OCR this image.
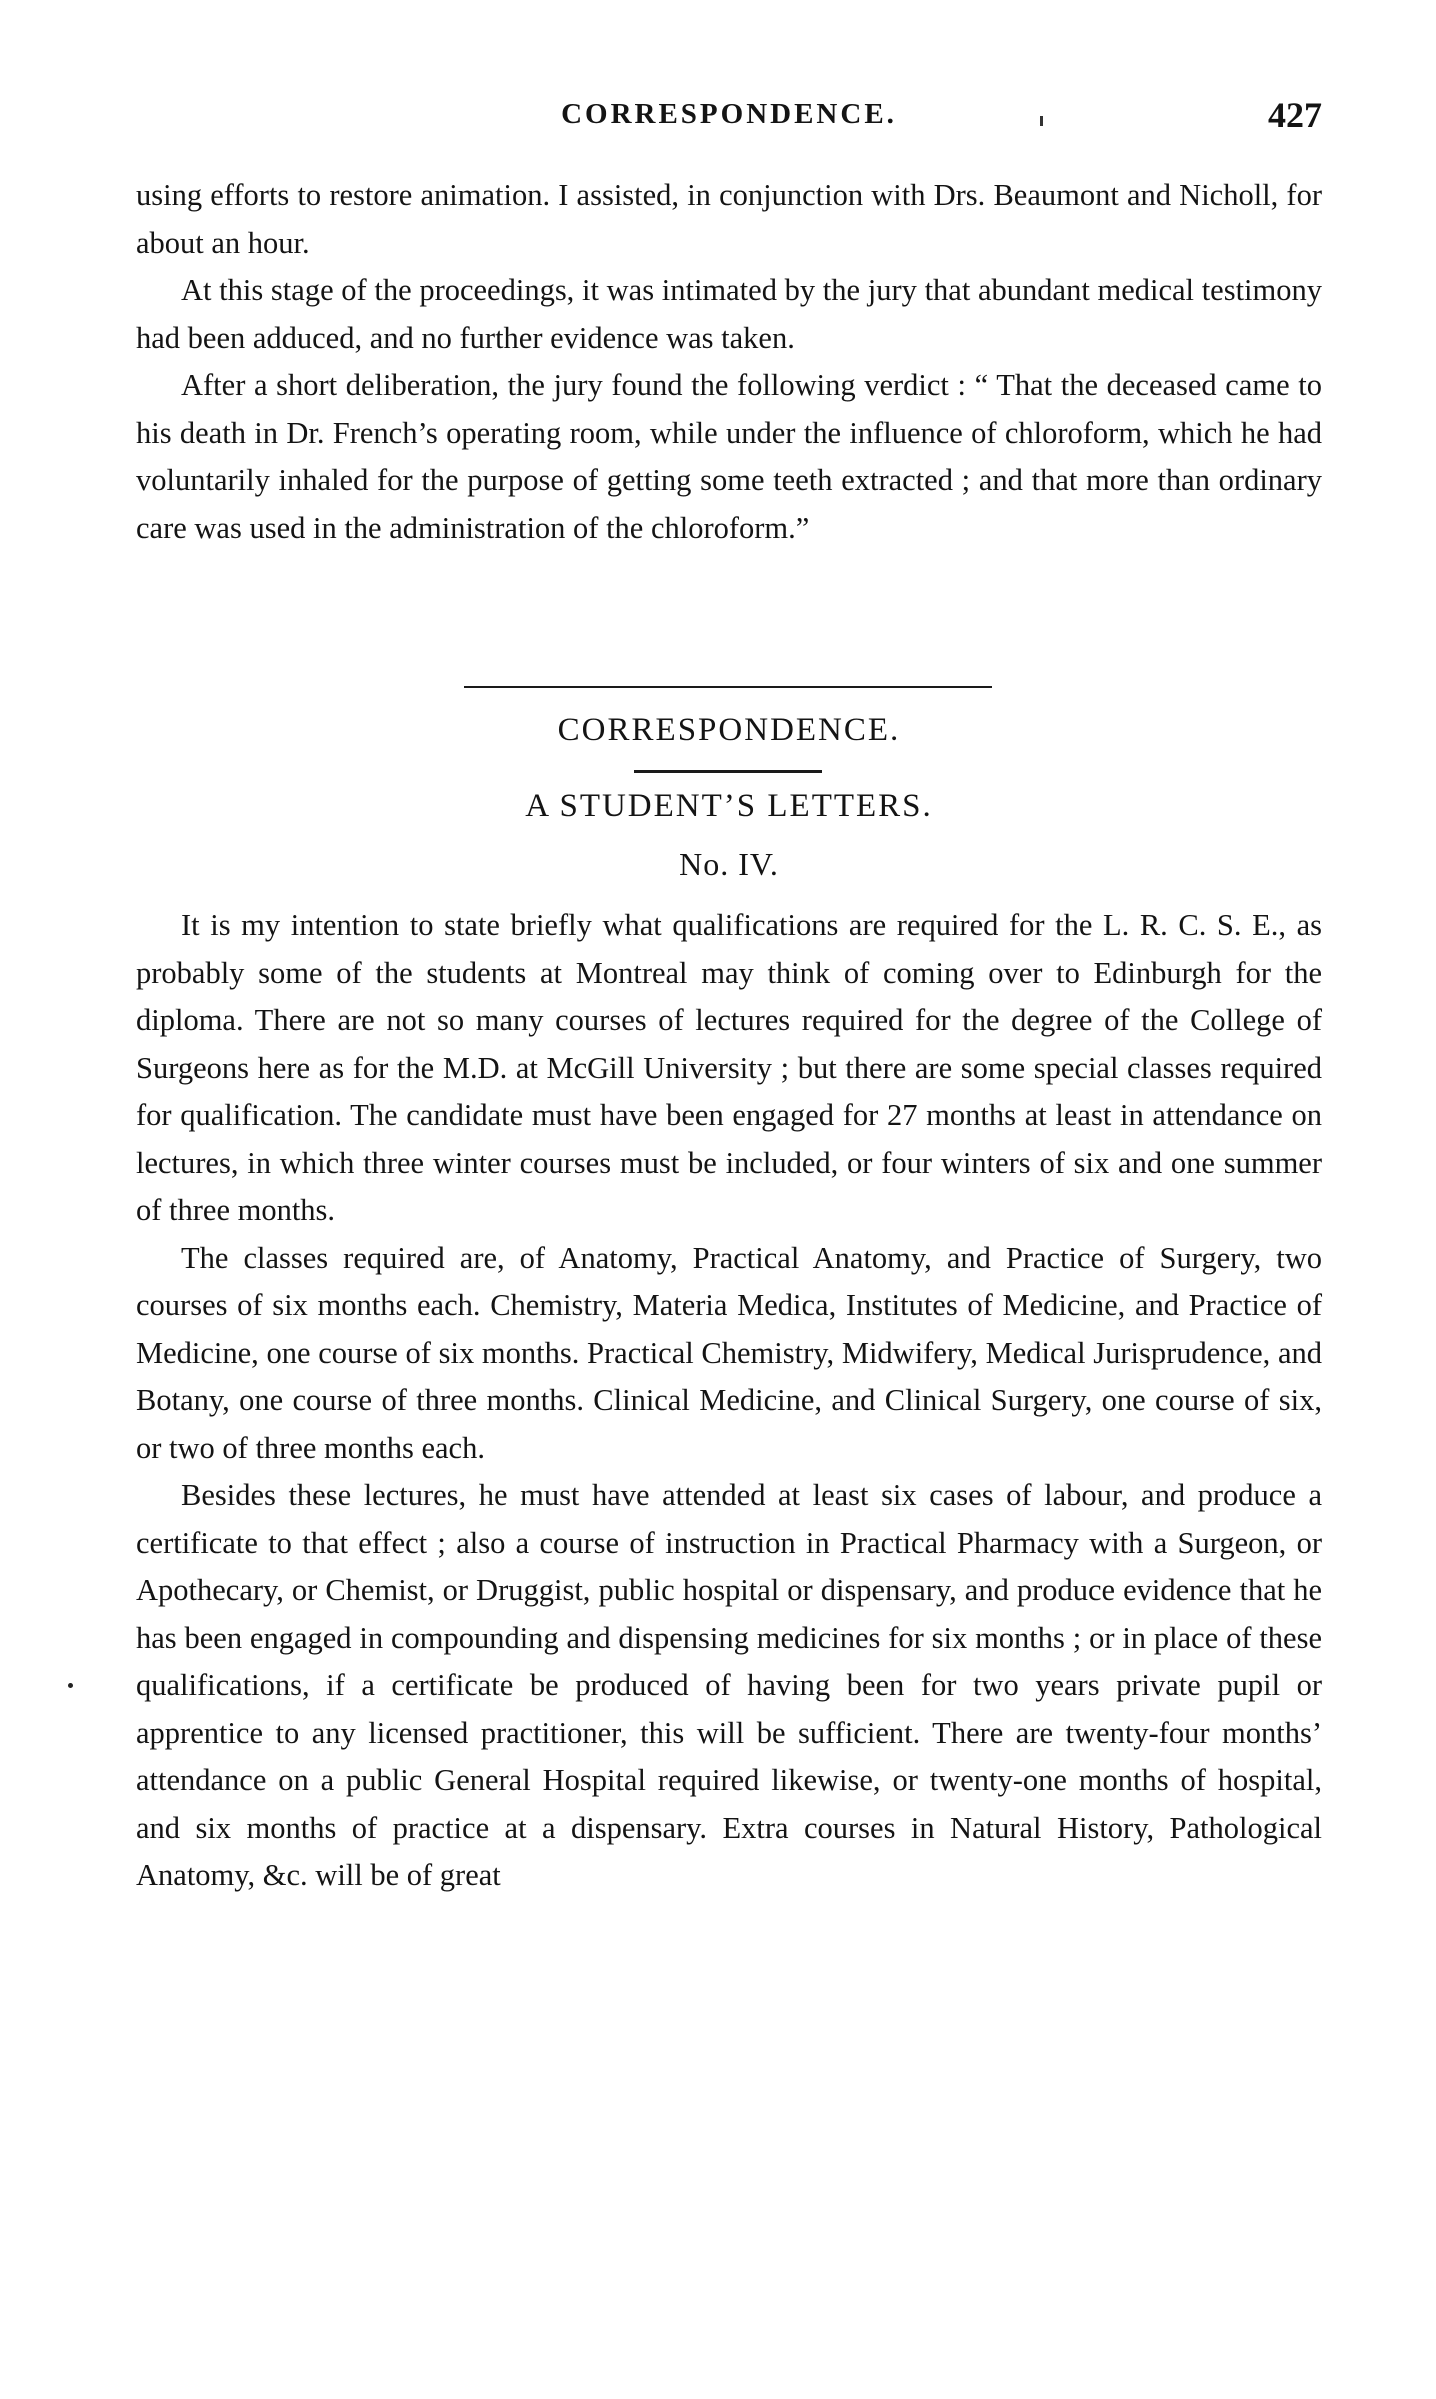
CORRESPONDENCE.	427

using efforts to restore animation. I assisted, in conjunction with Drs. Beaumont and Nicholl, for about an hour.

At this stage of the proceedings, it was intimated by the jury that abundant medical testimony had been adduced, and no further evidence was taken.

After a short deliberation, the jury found the following verdict : “ That the deceased came to his death in Dr. French’s operating room, while under the influence of chloroform, which he had voluntarily inhaled for the purpose of getting some teeth extracted ; and that more than ordinary care was used in the administration of the chloroform.”

CORRESPONDENCE.
A STUDENT’S LETTERS.
No. IV.

It is my intention to state briefly what qualifications are required for the L. R. C. S. E., as probably some of the students at Montreal may think of coming over to Edinburgh for the diploma. There are not so many courses of lectures required for the degree of the College of Surgeons here as for the M.D. at McGill University ; but there are some special classes required for qualification. The candidate must have been engaged for 27 months at least in attendance on lectures, in which three winter courses must be included, or four winters of six and one summer of three months.

The classes required are, of Anatomy, Practical Anatomy, and Practice of Surgery, two courses of six months each. Chemistry, Materia Medica, Institutes of Medicine, and Practice of Medicine, one course of six months. Practical Chemistry, Midwifery, Medical Jurisprudence, and Botany, one course of three months. Clinical Medicine, and Clinical Surgery, one course of six, or two of three months each.

Besides these lectures, he must have attended at least six cases of labour, and produce a certificate to that effect ; also a course of instruction in Practical Pharmacy with a Surgeon, or Apothecary, or Chemist, or Druggist, public hospital or dispensary, and produce evidence that he has been engaged in compounding and dispensing medicines for six months ; or in place of these qualifications, if a certificate be produced of having been for two years private pupil or apprentice to any licensed practitioner, this will be sufficient. There are twenty-four months’ attendance on a public General Hospital required likewise, or twenty-one months of hospital, and six months of practice at a dispensary. Extra courses in Natural History, Pathological Anatomy, &c. will be of great
